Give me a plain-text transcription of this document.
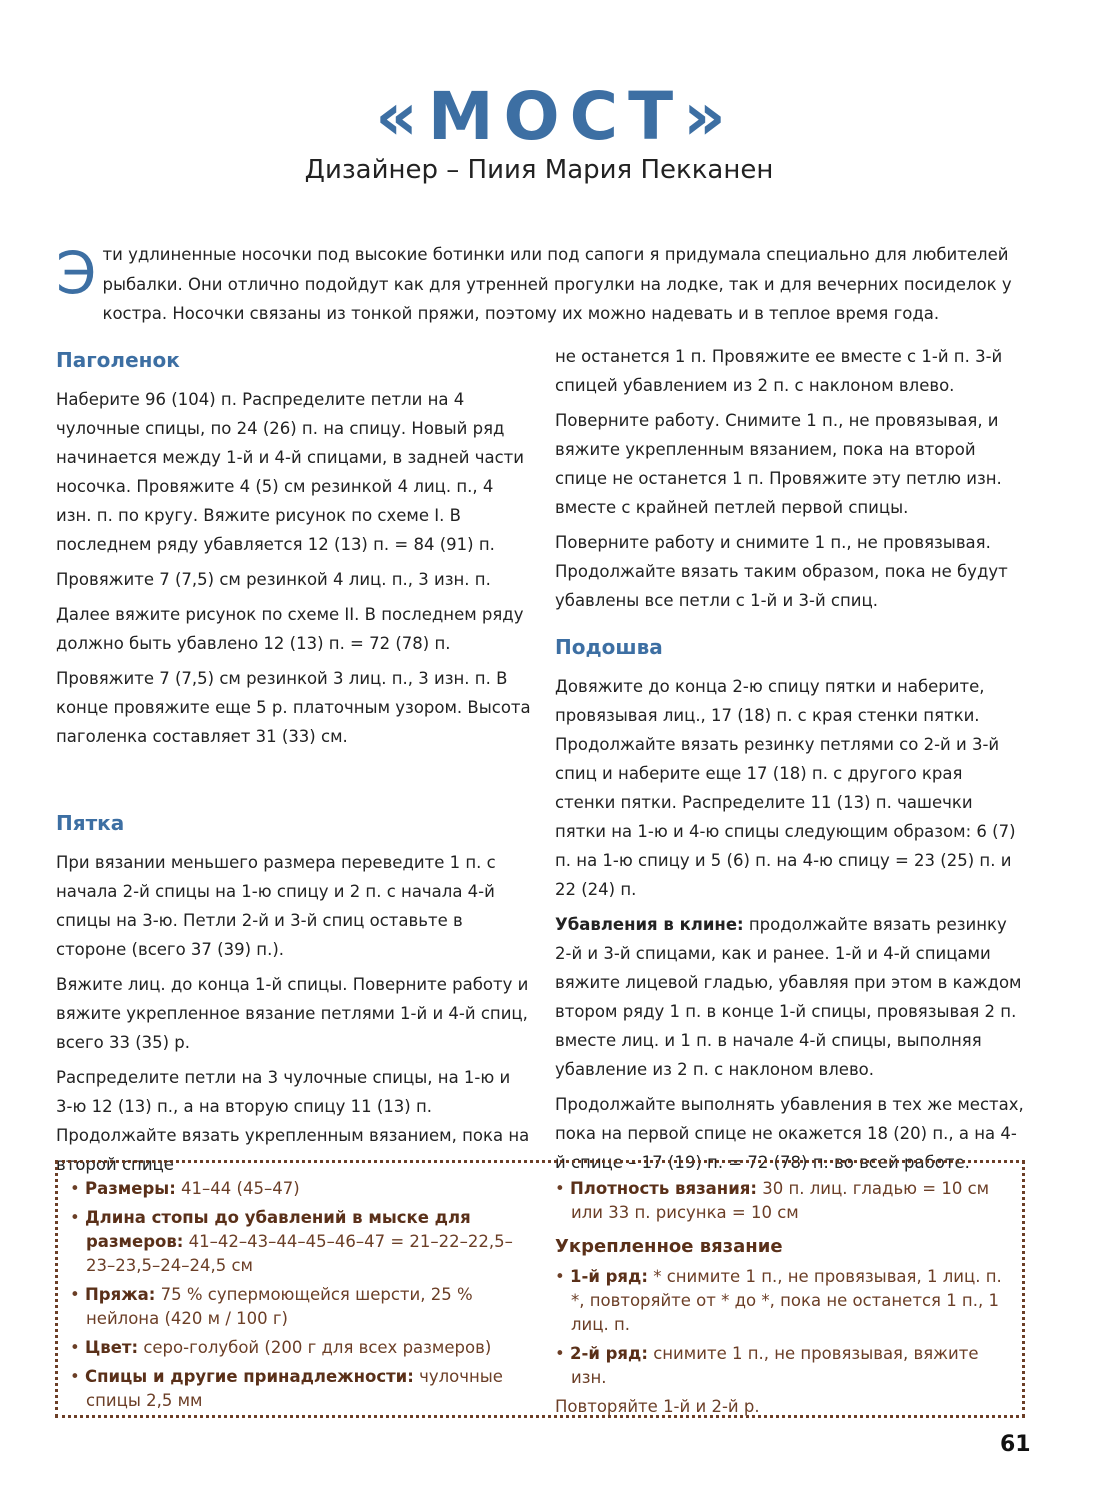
«МОСТ»
Дизайнер – Пиия Мария Пекканен
Эти удлиненные носочки под высокие ботинки или под сапоги я придумала специально для любителей рыбалки. Они отлично подойдут как для утренней прогулки на лодке, так и для вечерних посиделок у костра. Носочки связаны из тонкой пряжи, поэтому их можно надевать и в теплое время года.
Паголенок

Наберите 96 (104) п. Распределите петли на 4 чулочные спицы, по 24 (26) п. на спицу. Новый ряд начинается между 1-й и 4-й спицами, в задней части носочка. Провяжите 4 (5) см резинкой 4 лиц. п., 4 изн. п. по кругу. Вяжите рисунок по схеме I. В последнем ряду убавляется 12 (13) п. = 84 (91) п.

Провяжите 7 (7,5) см резинкой 4 лиц. п., 3 изн. п.

Далее вяжите рисунок по схеме II. В последнем ряду должно быть убавлено 12 (13) п. = 72 (78) п.

Провяжите 7 (7,5) см резинкой 3 лиц. п., 3 изн. п. В конце провяжите еще 5 р. платочным узором. Высота паголенка составляет 31 (33) см.

Пятка

При вязании меньшего размера переведите 1 п. с начала 2-й спицы на 1-ю спицу и 2 п. с начала 4-й спицы на 3-ю. Петли 2-й и 3-й спиц оставьте в стороне (всего 37 (39) п.).

Вяжите лиц. до конца 1-й спицы. Поверните работу и вяжите укрепленное вязание петлями 1-й и 4-й спиц, всего 33 (35) р.

Распределите петли на 3 чулочные спицы, на 1-ю и 3-ю 12 (13) п., а на вторую спицу 11 (13) п. Продолжайте вязать укрепленным вязанием, пока на второй спице

не останется 1 п. Провяжите ее вместе с 1-й п. 3-й спицей убавлением из 2 п. с наклоном влево.

Поверните работу. Снимите 1 п., не провязывая, и вяжите укрепленным вязанием, пока на второй спице не останется 1 п. Провяжите эту петлю изн. вместе с крайней петлей первой спицы.

Поверните работу и снимите 1 п., не провязывая. Продолжайте вязать таким образом, пока не будут убавлены все петли с 1-й и 3-й спиц.

Подошва

Довяжите до конца 2-ю спицу пятки и наберите, провязывая лиц., 17 (18) п. с края стенки пятки. Продолжайте вязать резинку петлями со 2-й и 3-й спиц и наберите еще 17 (18) п. с другого края стенки пятки. Распределите 11 (13) п. чашечки пятки на 1-ю и 4-ю спицы следующим образом: 6 (7) п. на 1-ю спицу и 5 (6) п. на 4-ю спицу = 23 (25) п. и 22 (24) п.

Убавления в клине: продолжайте вязать резинку 2-й и 3-й спицами, как и ранее. 1-й и 4-й спицами вяжите лицевой гладью, убавляя при этом в каждом втором ряду 1 п. в конце 1-й спицы, провязывая 2 п. вместе лиц. и 1 п. в начале 4-й спицы, выполняя убавление из 2 п. с наклоном влево.

Продолжайте выполнять убавления в тех же местах, пока на первой спице не окажется 18 (20) п., а на 4-й спице – 17 (19) п. = 72 (78) п. во всей работе.

• Размеры: 41–44 (45–47)
• Длина стопы до убавлений в мыске для размеров: 41–42–43–44–45–46–47 = 21–22–22,5–23–23,5–24–24,5 см
• Пряжа: 75 % супермоющейся шерсти, 25 % нейлона (420 м / 100 г)
• Цвет: серо-голубой (200 г для всех размеров)
• Спицы и другие принадлежности: чулочные спицы 2,5 мм
• Плотность вязания: 30 п. лиц. гладью = 10 см или 33 п. рисунка = 10 см
Укрепленное вязание
• 1-й ряд: * снимите 1 п., не провязывая, 1 лиц. п. *, повторяйте от * до *, пока не останется 1 п., 1 лиц. п.
• 2-й ряд: снимите 1 п., не провязывая, вяжите изн.
Повторяйте 1-й и 2-й р.
61
